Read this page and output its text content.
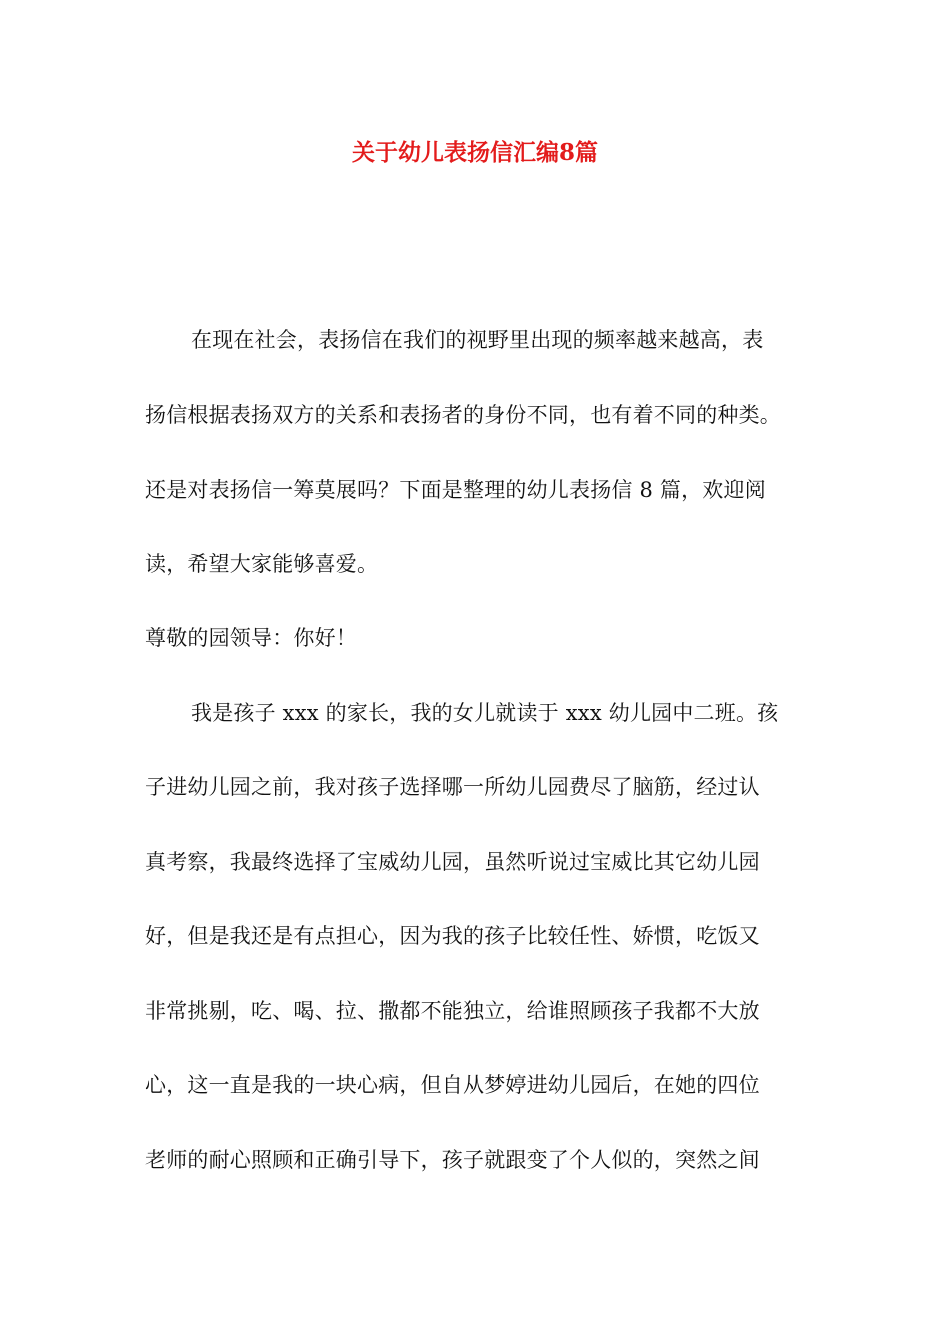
关于幼儿表扬信汇编8篇
在现在社会，表扬信在我们的视野里出现的频率越来越高，表
扬信根据表扬双方的关系和表扬者的身份不同，也有着不同的种类。
还是对表扬信一筹莫展吗？下面是整理的幼儿表扬信 8 篇，欢迎阅
读，希望大家能够喜爱。
尊敬的园领导：你好！
我是孩子 xxx 的家长，我的女儿就读于 xxx 幼儿园中二班。孩
子进幼儿园之前，我对孩子选择哪一所幼儿园费尽了脑筋，经过认
真考察，我最终选择了宝威幼儿园，虽然听说过宝威比其它幼儿园
好，但是我还是有点担心，因为我的孩子比较任性、娇惯，吃饭又
非常挑剔，吃、喝、拉、撒都不能独立，给谁照顾孩子我都不大放
心，这一直是我的一块心病，但自从梦婷进幼儿园后，在她的四位
老师的耐心照顾和正确引导下，孩子就跟变了个人似的，突然之间
